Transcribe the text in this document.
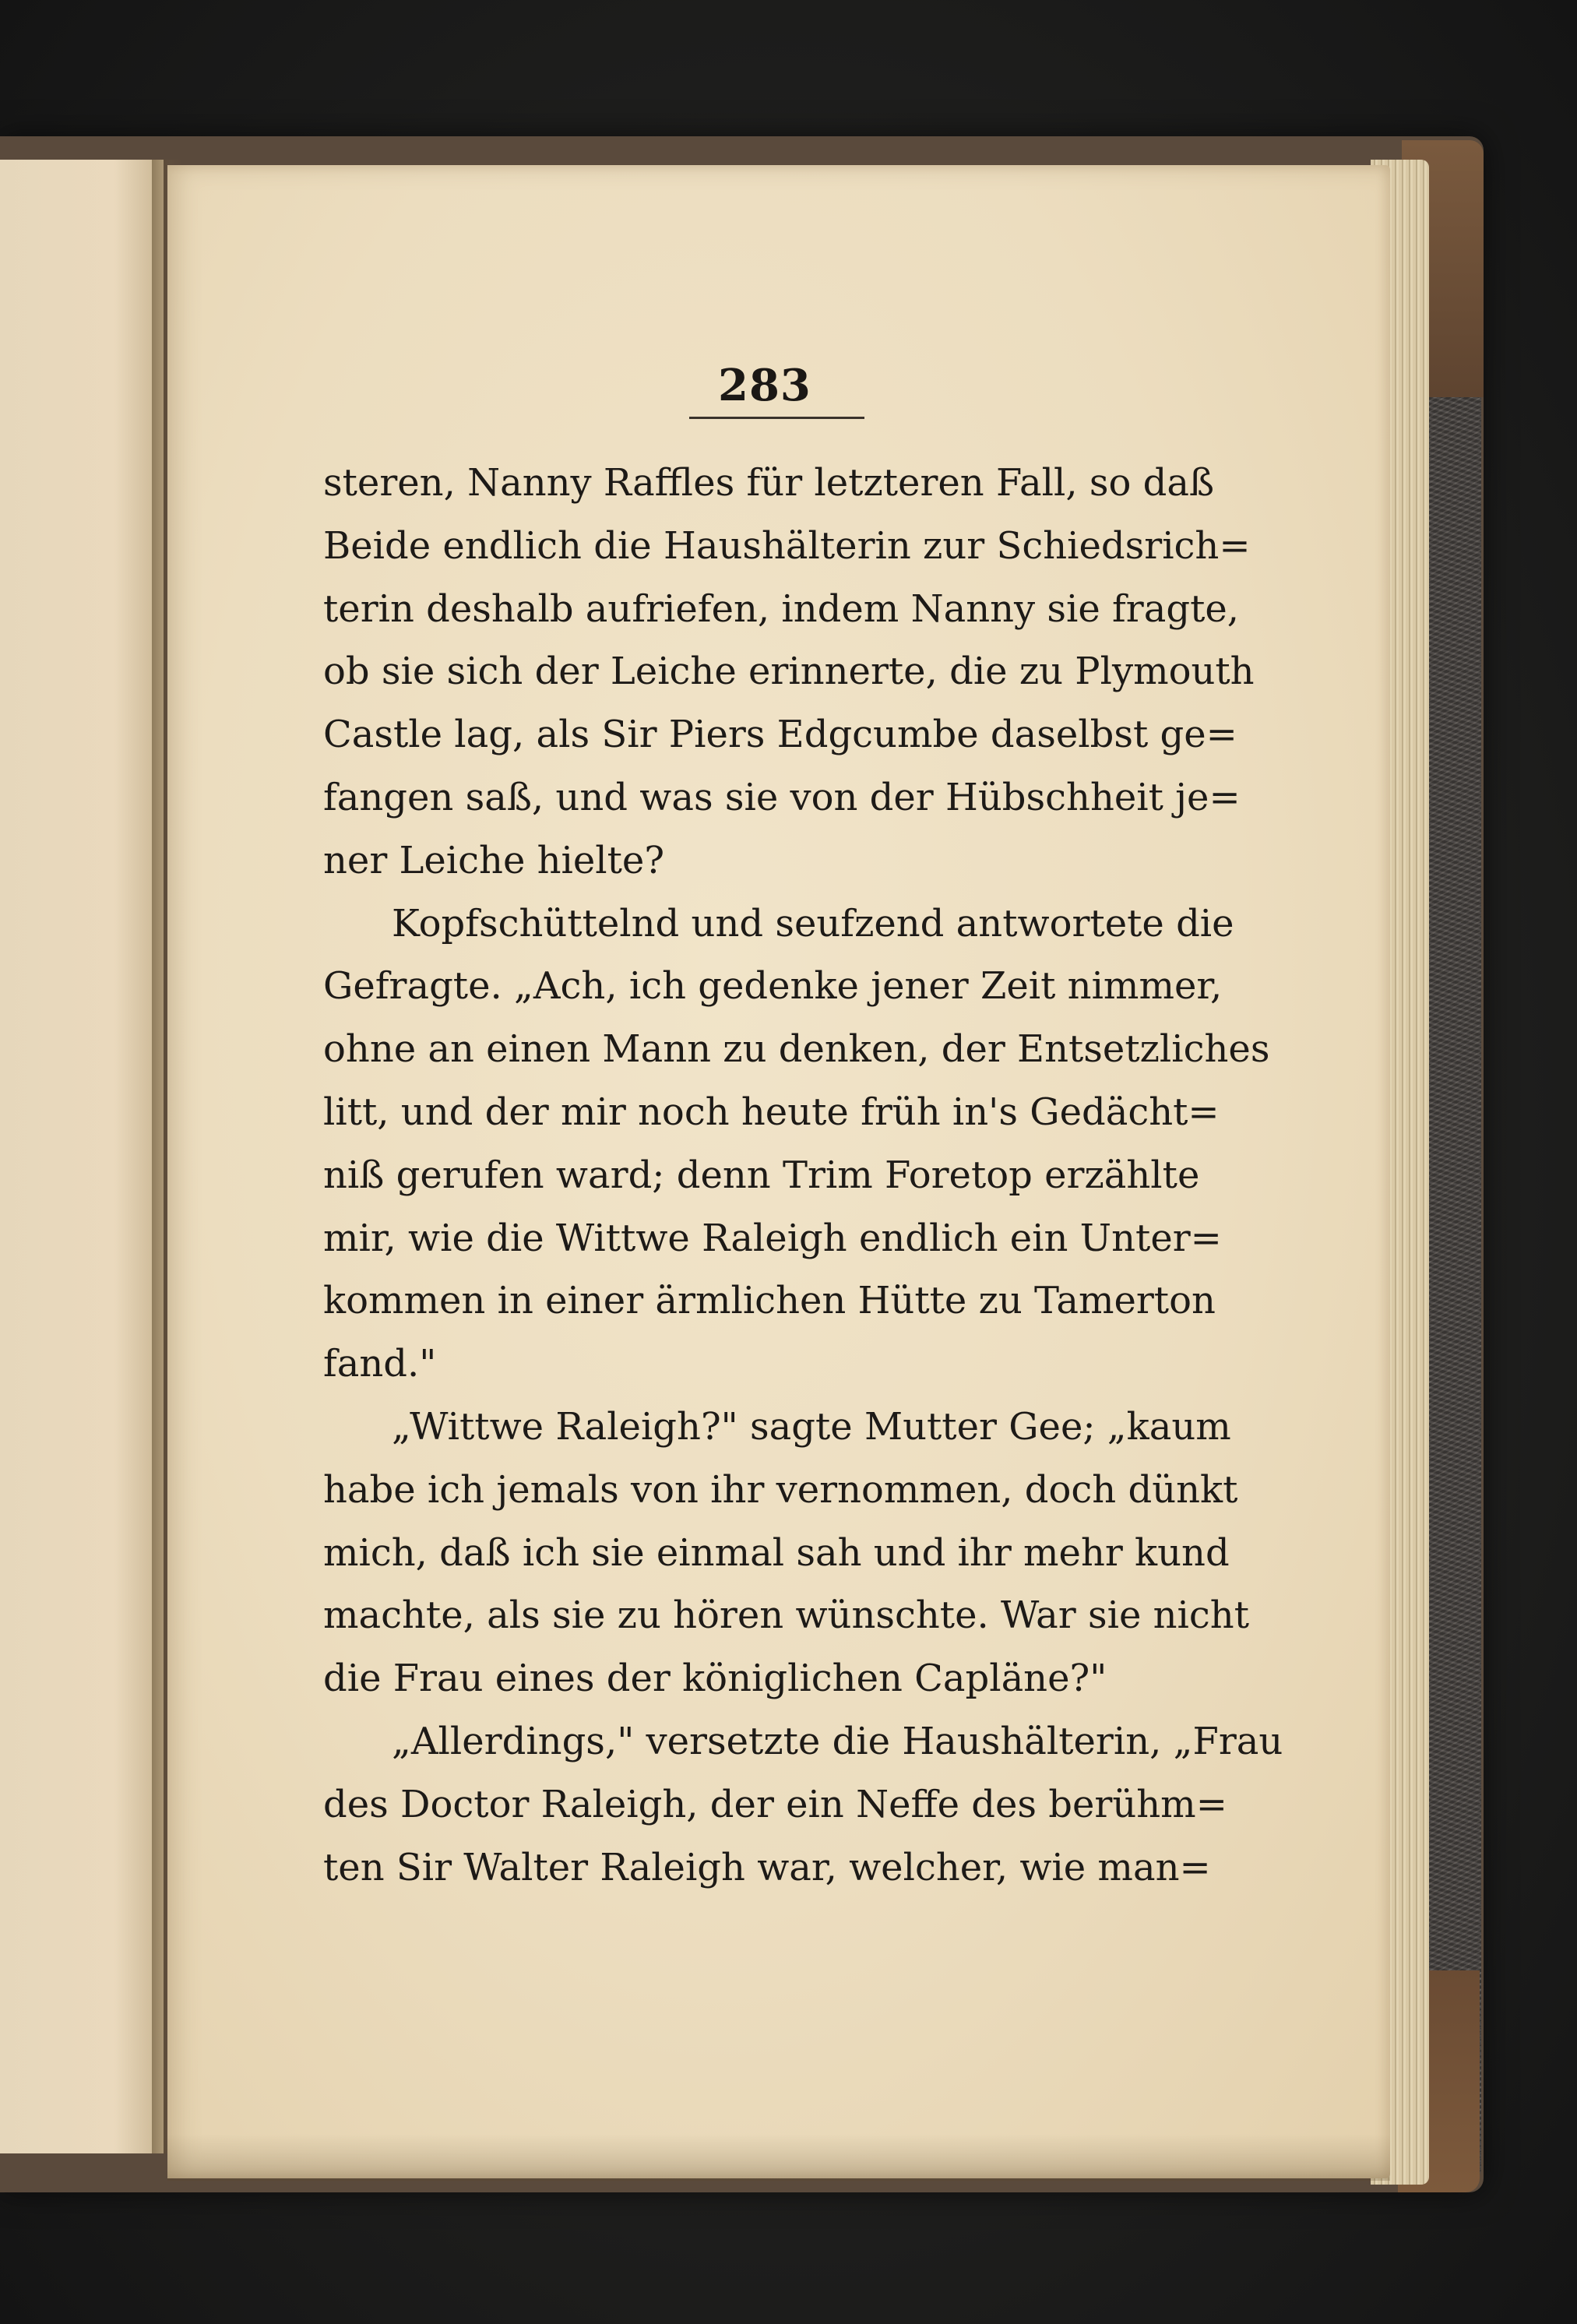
283
steren, Nanny Raffles für letzteren Fall, so daß
Beide endlich die Haushälterin zur Schiedsrich=
terin deshalb aufriefen, indem Nanny sie fragte,
ob sie sich der Leiche erinnerte, die zu Plymouth
Castle lag, als Sir Piers Edgcumbe daselbst ge=
fangen saß, und was sie von der Hübschheit je=
ner Leiche hielte?
Kopfschüttelnd und seufzend antwortete die
Gefragte. „Ach, ich gedenke jener Zeit nimmer,
ohne an einen Mann zu denken, der Entsetzliches
litt, und der mir noch heute früh in's Gedächt=
niß gerufen ward; denn Trim Foretop erzählte
mir, wie die Wittwe Raleigh endlich ein Unter=
kommen in einer ärmlichen Hütte zu Tamerton
fand."
„Wittwe Raleigh?" sagte Mutter Gee; „kaum
habe ich jemals von ihr vernommen, doch dünkt
mich, daß ich sie einmal sah und ihr mehr kund
machte, als sie zu hören wünschte. War sie nicht
die Frau eines der königlichen Capläne?"
„Allerdings," versetzte die Haushälterin, „Frau
des Doctor Raleigh, der ein Neffe des berühm=
ten Sir Walter Raleigh war, welcher, wie man=
